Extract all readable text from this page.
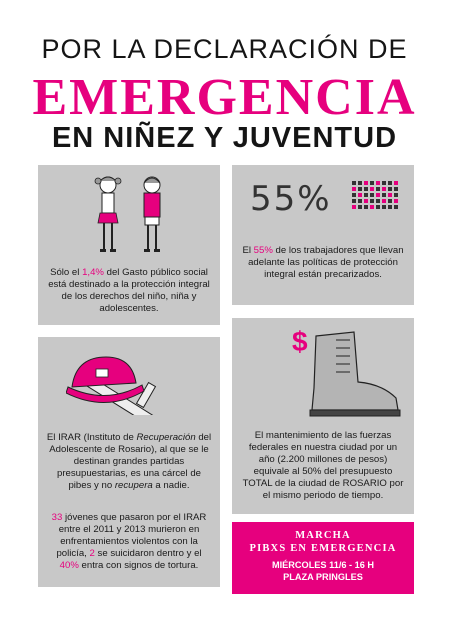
POR LA DECLARACIÓN DE
EMERGENCIA
EN NIÑEZ Y JUVENTUD
Sólo el 1,4% del Gasto público social está destinado a la protección integral de los derechos del niño, niña y adolescentes.
55%
El 55% de los trabajadores que llevan adelante las políticas de protección integral están precarizados.
El IRAR (Instituto de Recuperación del Adolescente de Rosario), al que se le destinan grandes partidas presupuestarias, es una cárcel de pibes y no recupera a nadie.
33 jóvenes que pasaron por el IRAR entre el 2011 y 2013 murieron en enfrentamientos violentos con la policía, 2 se suicidaron dentro y el 40% entra con signos de tortura.
$
El mantenimiento de las fuerzas federales en nuestra ciudad por un año (2.200 millones de pesos) equivale al 50% del presupuesto TOTAL de la ciudad de ROSARIO por el mismo periodo de tiempo.
MARCHA
PIBXS EN EMERGENCIA
MIÉRCOLES 11/6 - 16 H
PLAZA PRINGLES
